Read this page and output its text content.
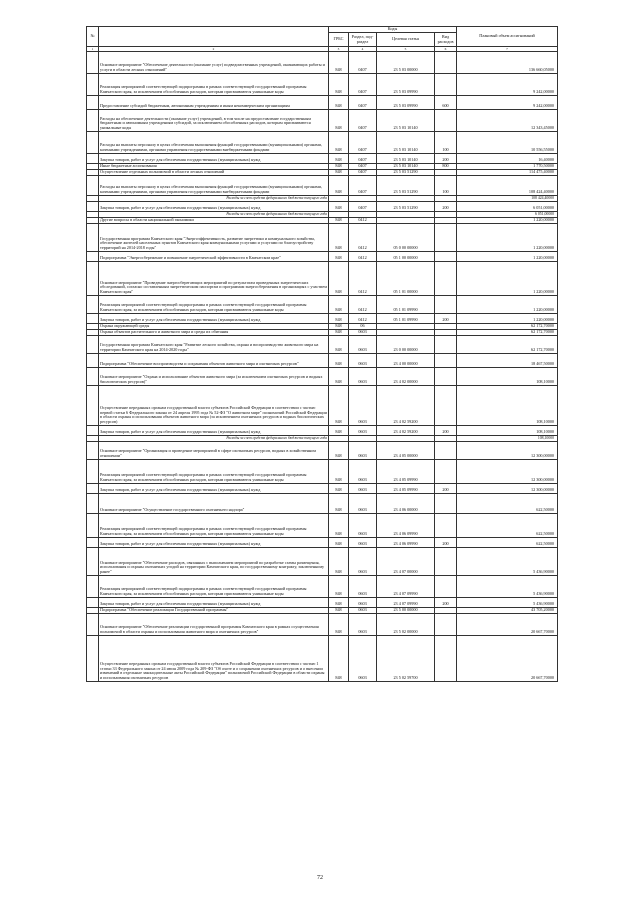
№		Коды				Плановый объем ассигнований
		ГРБС	Раздел, под-раздел	Целевая статья	Вид расходов	
1	2	3	4	5	6	7
	Основное мероприятие "Обеспечение деятельности (оказание услуг) подведомственных учреждений, оказывающих работы и услуги в области лесных отношений"	848	0407	23 5 03 00000		136 660,05000
	Реализация мероприятий соответствующей подпрограммы в рамках соответствующей государственной программы Камчатского края, за исключением обособленных расходов, которым присваиваются уникальные коды	848	0407	23 5 03 09990		9 242,00000
	Предоставление субсидий бюджетным, автономным учреждениям и иным некоммерческим организациям	848	0407	23 5 03 09990	600	9 242,00000
	Расходы на обеспечение деятельности (оказание услуг) учреждений, в том числе на предоставление государственным бюджетным и автономным учреждениям субсидий, за исключением обособленных расходов, которым присваиваются уникальные коды	848	0407	23 5 03 10140		12 343,45000
	Расходы на выплаты персоналу в целях обеспечения выполнения функций государственными (муниципальными) органами, казенными учреждениями, органами управления государственными внебюджетными фондами	848	0407	23 5 03 10140	100	10 556,55000
	Закупка товаров, работ и услуг для обеспечения государственных (муниципальных) нужд	848	0407	23 5 03 10140	200	16,40000
	Иные бюджетные ассигнования	848	0407	23 5 03 10140	800	1 770,50000
	Осуществление отдельных полномочий в области лесных отношений	848	0407	23 5 03 51290		114 475,40000
	Расходы на выплаты персоналу в целях обеспечения выполнения функций государственными (муниципальными) органами, казенными учреждениями, органами управления государственными внебюджетными фондами	848	0407	23 5 03 51290	100	108 424,40000
	Расходы за счет средств федерального бюджета текущего года					108 424,40000
	Закупка товаров, работ и услуг для обеспечения государственных (муниципальных) нужд	848	0407	23 5 03 51290	200	6 051,00000
	Расходы за счет средств федерального бюджета текущего года					6 051,00000
	Другие вопросы в области национальной экономики	848	0412			1 220,00000
	Государственная программа Камчатского края "Энергоэффективность, развитие энергетики и коммунального хозяйства, обеспечение жителей населенных пунктов Камчатского края коммунальными услугами и услугами по благоустройству территорий на 2014-2018 годы"	848	0412	05 0 00 00000		1 220,00000
	Подпрограмма "Энергосбережение и повышение энергетической эффективности в Камчатском крае"	848	0412	05 1 00 00000		1 220,00000
	Основное мероприятие "Проведение энергосберегающих мероприятий по результатам проведенных энергетических обследований, согласно составленным энергетическим паспортам и программам энергосбережения в организациях с участием Камчатского края"	848	0412	05 1 01 00000		1 220,00000
	Реализация мероприятий соответствующей подпрограммы в рамках соответствующей государственной программы Камчатского края, за исключением обособленных расходов, которым присваиваются уникальные коды	848	0412	05 1 01 09990		1 220,00000
	Закупка товаров, работ и услуг для обеспечения государственных (муниципальных) нужд	848	0412	05 1 01 09990	200	1 220,00000
	Охрана окружающей среды	848	06			62 172,70000
	Охрана объектов растительного и животного мира и среды их обитания	848	0603			62 172,70000
	Государственная программа Камчатского края "Развитие лесного хозяйства, охрана и воспроизводство животного мира на территории Камчатского края на 2014-2020 годы"	848	0603	23 0 00 00000		62 172,70000
	Подпрограмма "Обеспечение воспроизводства и сохранения объектов животного мира и охотничьих ресурсов"	848	0603	23 4 00 00000		18 467,50000
	Основное мероприятие "Охрана и использование объектов животного мира (за исключением охотничьих ресурсов и водных биологических ресурсов)"	848	0603	23 4 02 00000		108,10000
	Осуществление переданных органам государственной власти субъектов Российской Федерации в соответствии с частью первой статьи 6 Федерального закона от 24 апреля 1995 года № 52-ФЗ "О животном мире" полномочий Российской Федерации в области охраны и использования объектов животного мира (за исключением охотничьих ресурсов и водных биологических ресурсов)	848	0603	23 4 02 59200		108,10000
	Закупка товаров, работ и услуг для обеспечения государственных (муниципальных) нужд	848	0603	23 4 02 59200	200	108,10000
	Расходы за счет средств федерального бюджета текущего года					108,10000
	Основное мероприятие "Организация и проведение мероприятий в сфере охотничьих ресурсов, водных в хозяйственном отношении"	848	0603	23 4 05 00000		12 300,00000
	Реализация мероприятий соответствующей подпрограммы в рамках соответствующей государственной программы Камчатского края, за исключением обособленных расходов, которым присваиваются уникальные коды	848	0603	23 4 05 09990		12 300,00000
	Закупка товаров, работ и услуг для обеспечения государственных (муниципальных) нужд	848	0603	23 4 05 09990	200	12 300,00000
	Основное мероприятие "Осуществление государственного охотничьего надзора"	848	0603	23 4 06 00000		622,50000
	Реализация мероприятий соответствующей подпрограммы в рамках соответствующей государственной программы Камчатского края, за исключением обособленных расходов, которым присваиваются уникальные коды	848	0603	23 4 06 09990		622,50000
	Закупка товаров, работ и услуг для обеспечения государственных (муниципальных) нужд	848	0603	23 4 06 09990	200	622,50000
	Основное мероприятие "Обеспечение расходов, связанных с выполнением мероприятий по разработке схемы размещения, использования и охраны охотничьих угодий на территории Камчатского края, по государственному контракту, заключенному ранее"	848	0603	23 4 07 00000		5 436,90000
	Реализация мероприятий соответствующей подпрограммы в рамках соответствующей государственной программы Камчатского края, за исключением обособленных расходов, которым присваиваются уникальные коды	848	0603	23 4 07 09990		5 436,90000
	Закупка товаров, работ и услуг для обеспечения государственных (муниципальных) нужд	848	0603	23 4 07 09990	200	5 436,90000
	Подпрограмма "Обеспечение реализации Государственной программы"	848	0603	23 5 00 00000		43 705,20000
	Основное мероприятие "Обеспечение реализации государственной программы Камчатского края в рамках осуществления полномочий в области охраны и использования животного мира и охотничьих ресурсов"	848	0603	23 5 02 00000		20 667,70000
	Осуществление переданных органам государственной власти субъектов Российской Федерации в соответствии с частью 1 статьи 33 Федерального закона от 24 июля 2009 года № 209-ФЗ "Об охоте и о сохранении охотничьих ресурсов и о внесении изменений в отдельные законодательные акты Российской Федерации" полномочий Российской Федерации в области охраны и использования охотничьих ресурсов	848	0603	23 5 02 59700		20 667,70000
72
